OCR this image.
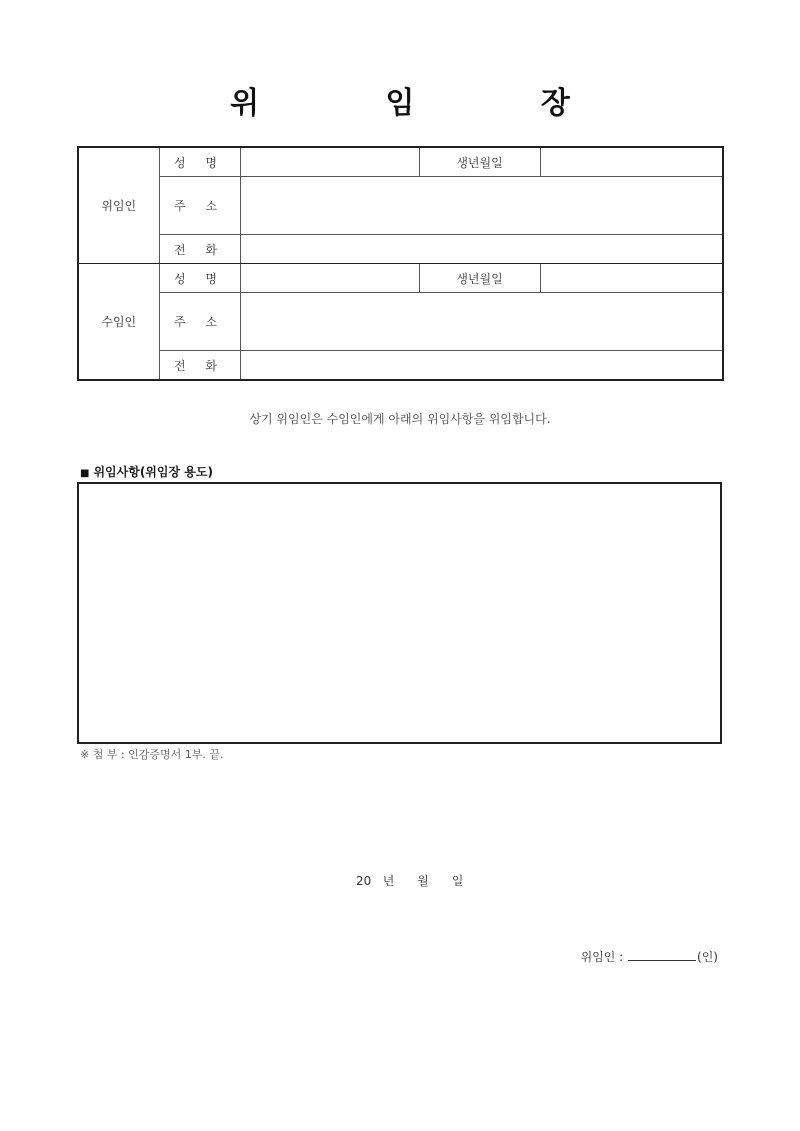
위 임 장
위임인	성 명		생년월일	
	주 소			
	전 화			
수임인	성 명		생년월일	
	주 소			
	전 화			
상기 위임인은 수임인에게 아래의 위임사항을 위임합니다.
■ 위임사항(위임장 용도)
※ 첨 부 : 인감증명서 1부. 끝.
20 년 월 일
위임인 :	(인)
